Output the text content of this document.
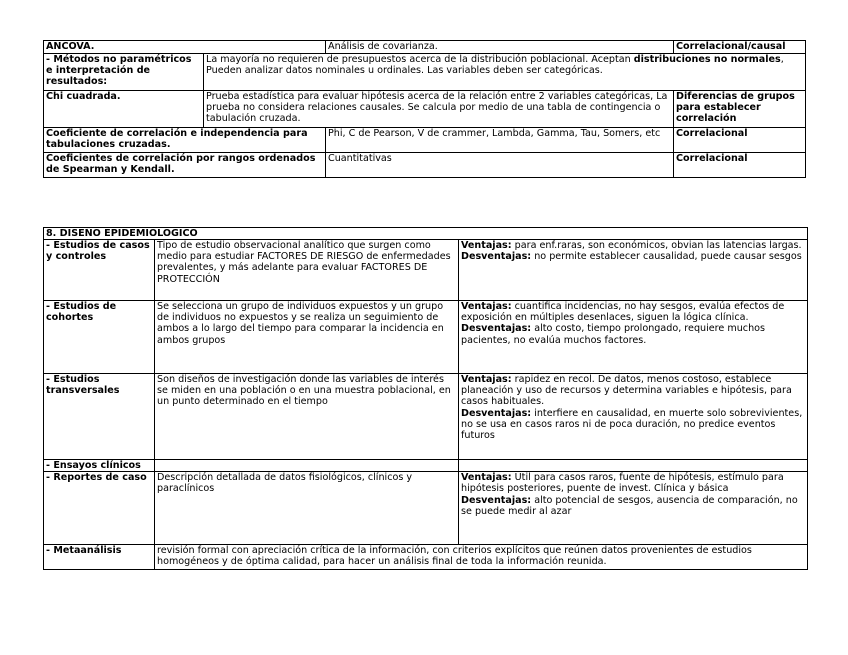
ANCOVA.		Análisis de covarianza.	Correlacional/causal
- Métodos no paramétricos e interpretación de resultados:	La mayoría no requieren de presupuestos acerca de la distribución poblacional. Aceptan distribuciones no normales, Pueden analizar datos nominales u ordinales. Las variables deben ser categóricas.		
Chi cuadrada.	Prueba estadística para evaluar hipótesis acerca de la relación entre 2 variables categóricas, La prueba no considera relaciones causales. Se calcula por medio de una tabla de contingencia o tabulación cruzada.		Diferencias de grupos para establecer correlación
Coeficiente de correlación e independencia para tabulaciones cruzadas.		Phi, C de Pearson, V de crammer, Lambda, Gamma, Tau, Somers, etc	Correlacional
Coeficientes de correlación por rangos ordenados de Spearman y Kendall.		Cuantitativas	Correlacional
8. DISEÑO EPIDEMIOLÓGICO		
- Estudios de casos y controles	Tipo de estudio observacional analítico que surgen como medio para estudiar FACTORES DE RIESGO de enfermedades prevalentes, y más adelante para evaluar FACTORES DE PROTECCIÓN	Ventajas: para enf.raras, son económicos, obvian las latencias largas.
Desventajas: no permite establecer causalidad, puede causar sesgos
- Estudios de cohortes	Se selecciona un grupo de individuos expuestos y un grupo de individuos no expuestos y se realiza un seguimiento de ambos a lo largo del tiempo para comparar la incidencia en ambos grupos	Ventajas: cuantifica incidencias, no hay sesgos, evalúa efectos de exposición en múltiples desenlaces, siguen la lógica clínica.
Desventajas: alto costo, tiempo prolongado, requiere muchos pacientes, no evalúa muchos factores.
- Estudios transversales	Son diseños de investigación donde las variables de interés se miden en una población o en una muestra poblacional, en un punto determinado en el tiempo	Ventajas: rapidez en recol. De datos, menos costoso, establece planeación y uso de recursos y determina variables e hipótesis, para casos habituales.
Desventajas: interfiere en causalidad, en muerte solo sobrevivientes, no se usa en casos raros ni de poca duración, no predice eventos futuros
- Ensayos clínicos		
- Reportes de caso	Descripción detallada de datos fisiológicos, clínicos y paraclínicos	Ventajas: Útil para casos raros, fuente de hipótesis, estímulo para hipótesis posteriores, puente de invest. Clínica y básica
Desventajas: alto potencial de sesgos, ausencia de comparación, no se puede medir al azar
- Metaanálisis	revisión formal con apreciación crítica de la información, con criterios explícitos que reúnen datos provenientes de estudios homogéneos y de óptima calidad, para hacer un análisis final de toda la información reunida.	
